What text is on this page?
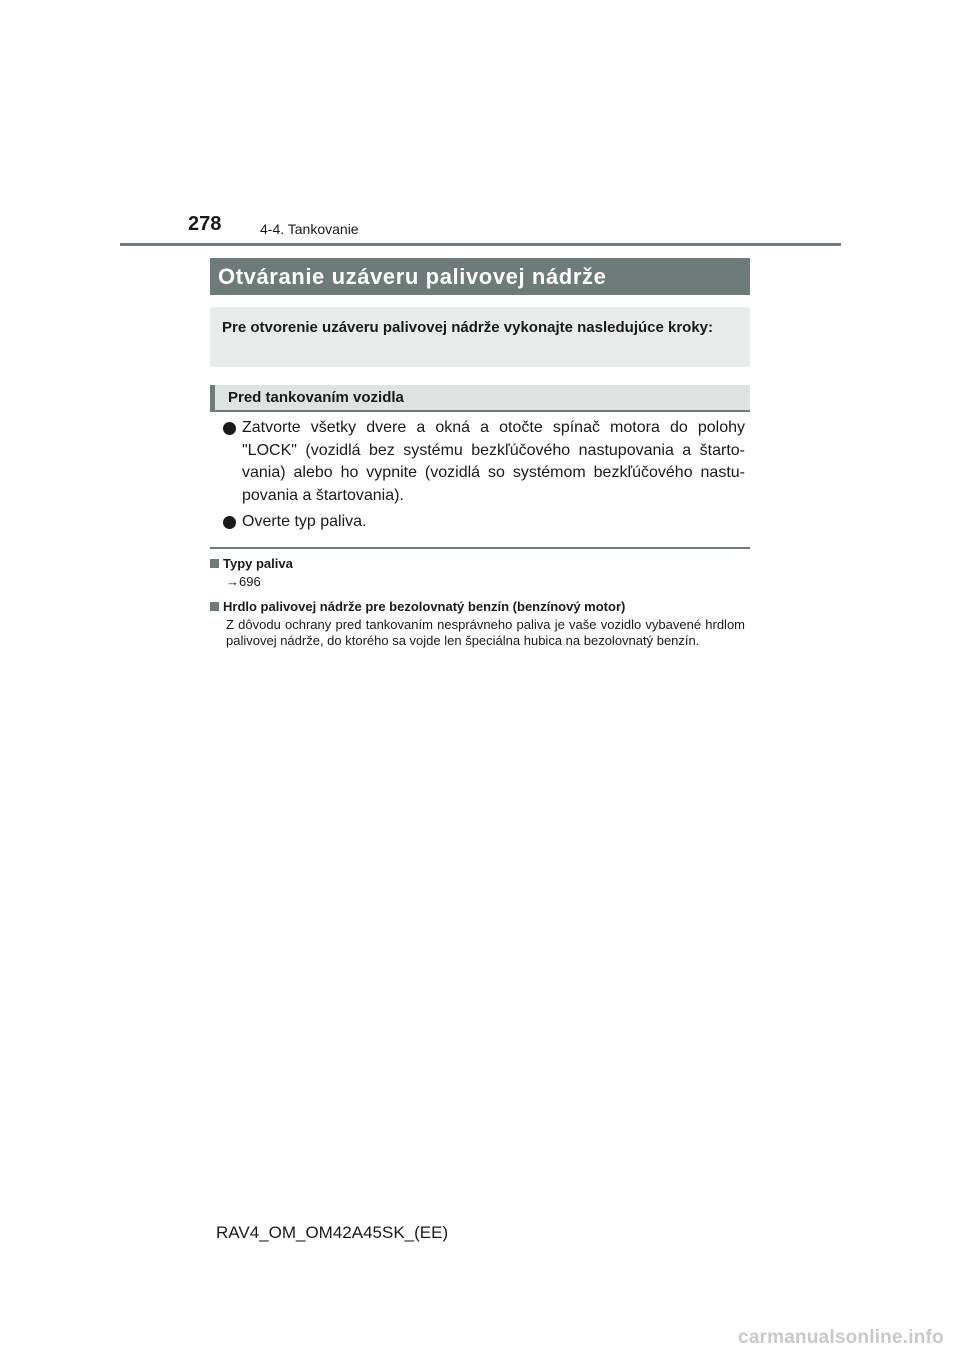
278	4-4. Tankovanie
Otváranie uzáveru palivovej nádrže
Pre otvorenie uzáveru palivovej nádrže vykonajte nasledujúce kroky:
Pred tankovaním vozidla
Zatvorte všetky dvere a okná a otočte spínač motora do polohy "LOCK" (vozidlá bez systému bezkľúčového nastupovania a štartovania) alebo ho vypnite (vozidlá so systémom bezkľúčového nastupovania a štartovania).
Overte typ paliva.
Typy paliva
→696
Hrdlo palivovej nádrže pre bezolovnatý benzín (benzínový motor)
Z dôvodu ochrany pred tankovaním nesprávneho paliva je vaše vozidlo vybavené hrdlom palivovej nádrže, do ktorého sa vojde len špeciálna hubica na bezolovnatý benzín.
RAV4_OM_OM42A45SK_(EE)
carmanualsonline.info
